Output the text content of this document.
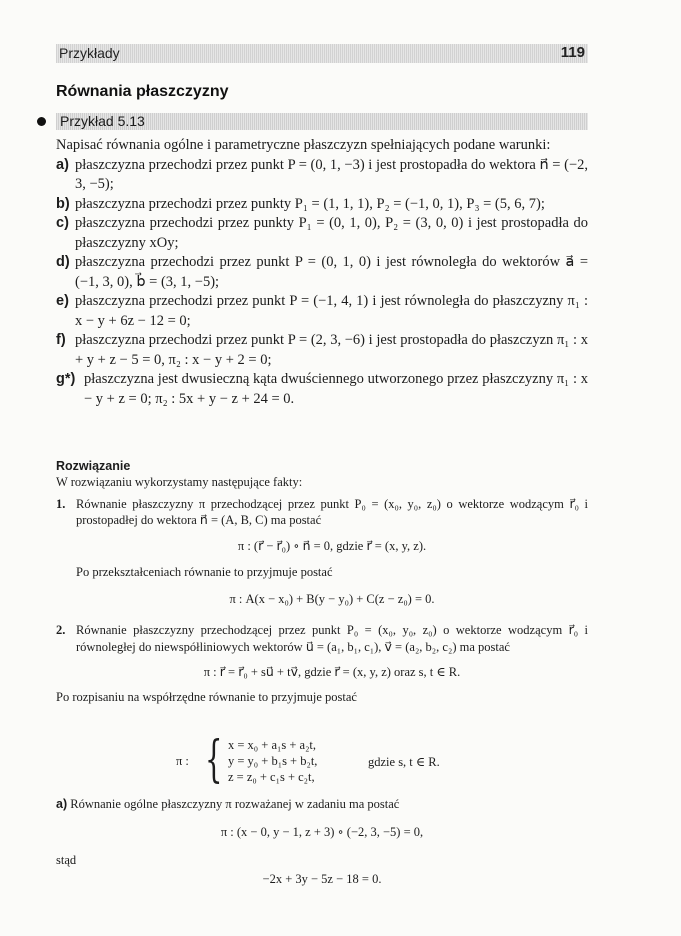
Przykłady	119
Równania płaszczyzny
Przykład 5.13
Napisać równania ogólne i parametryczne płaszczyzn spełniających podane warunki:
a) płaszczyzna przechodzi przez punkt P = (0, 1, −3) i jest prostopadła do wektora n⃗ = (−2, 3, −5);
b) płaszczyzna przechodzi przez punkty P₁ = (1, 1, 1), P₂ = (−1, 0, 1), P₃ = (5, 6, 7);
c) płaszczyzna przechodzi przez punkty P₁ = (0, 1, 0), P₂ = (3, 0, 0) i jest prostopadła do płaszczyzny xOy;
d) płaszczyzna przechodzi przez punkt P = (0, 1, 0) i jest równoległa do wektorów a⃗ = (−1, 3, 0), b⃗ = (3, 1, −5);
e) płaszczyzna przechodzi przez punkt P = (−1, 4, 1) i jest równoległa do płaszczyzny π₁ : x − y + 6z − 12 = 0;
f) płaszczyzna przechodzi przez punkt P = (2, 3, −6) i jest prostopadła do płaszczyzn π₁ : x + y + z − 5 = 0, π₂ : x − y + 2 = 0;
g*) płaszczyzna jest dwusieczną kąta dwuściennego utworzonego przez płaszczyzny π₁ : x − y + z = 0; π₂ : 5x + y − z + 24 = 0.
Rozwiązanie
W rozwiązaniu wykorzystamy następujące fakty:
1. Równanie płaszczyzny π przechodzącej przez punkt P₀ = (x₀, y₀, z₀) o wektorze wodzącym r⃗₀ i prostopadłej do wektora n⃗ = (A, B, C) ma postać
π : (r⃗ − r⃗₀) ∘ n⃗ = 0, gdzie r⃗ = (x, y, z).
Po przekształceniach równanie to przyjmuje postać
π : A(x − x₀) + B(y − y₀) + C(z − z₀) = 0.
2. Równanie płaszczyzny przechodzącej przez punkt P₀ = (x₀, y₀, z₀) o wektorze wodzącym r⃗₀ i równoległej do niewspółliniowych wektorów u⃗ = (a₁, b₁, c₁), v⃗ = (a₂, b₂, c₂) ma postać
π : r⃗ = r⃗₀ + su⃗ + tv⃗, gdzie r⃗ = (x, y, z) oraz s, t ∈ R.
Po rozpisaniu na współrzędne równanie to przyjmuje postać
π : { x = x₀ + a₁s + a₂t,
y = y₀ + b₁s + b₂t,
z = z₀ + c₁s + c₂t,
gdzie s, t ∈ R.
a) Równanie ogólne płaszczyzny π rozważanej w zadaniu ma postać
π : (x − 0, y − 1, z + 3) ∘ (−2, 3, −5) = 0,
stąd
−2x + 3y − 5z − 18 = 0.
